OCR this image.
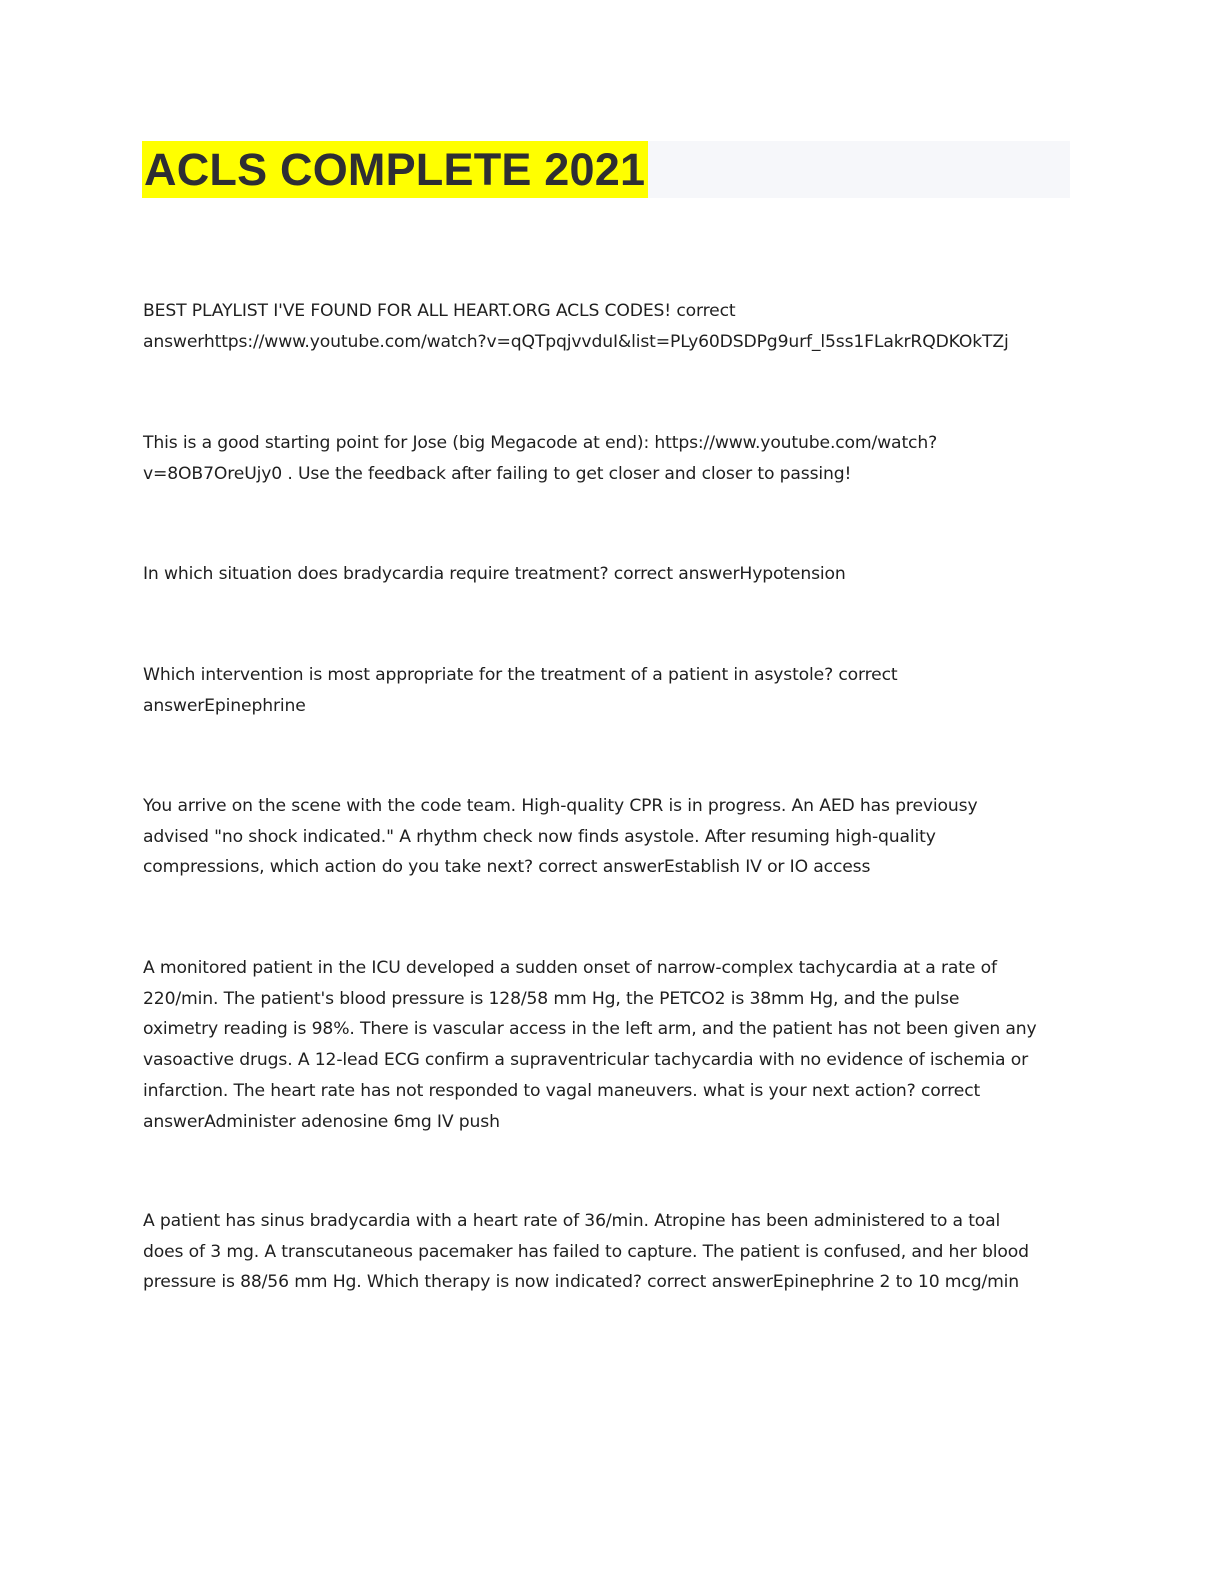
ACLS COMPLETE 2021

BEST PLAYLIST I'VE FOUND FOR ALL HEART.ORG ACLS CODES! correct
answerhttps://www.youtube.com/watch?v=qQTpqjvvduI&list=PLy60DSDPg9urf_l5ss1FLakrRQDKOkTZj

This is a good starting point for Jose (big Megacode at end): https://www.youtube.com/watch?
v=8OB7OreUjy0 . Use the feedback after failing to get closer and closer to passing!

In which situation does bradycardia require treatment? correct answerHypotension

Which intervention is most appropriate for the treatment of a patient in asystole? correct
answerEpinephrine

You arrive on the scene with the code team. High-quality CPR is in progress. An AED has previousy
advised "no shock indicated." A rhythm check now finds asystole. After resuming high-quality
compressions, which action do you take next? correct answerEstablish IV or IO access

A monitored patient in the ICU developed a sudden onset of narrow-complex tachycardia at a rate of
220/min. The patient's blood pressure is 128/58 mm Hg, the PETCO2 is 38mm Hg, and the pulse
oximetry reading is 98%. There is vascular access in the left arm, and the patient has not been given any
vasoactive drugs. A 12-lead ECG confirm a supraventricular tachycardia with no evidence of ischemia or
infarction. The heart rate has not responded to vagal maneuvers. what is your next action? correct
answerAdminister adenosine 6mg IV push

A patient has sinus bradycardia with a heart rate of 36/min. Atropine has been administered to a toal
does of 3 mg. A transcutaneous pacemaker has failed to capture. The patient is confused, and her blood
pressure is 88/56 mm Hg. Which therapy is now indicated? correct answerEpinephrine 2 to 10 mcg/min
